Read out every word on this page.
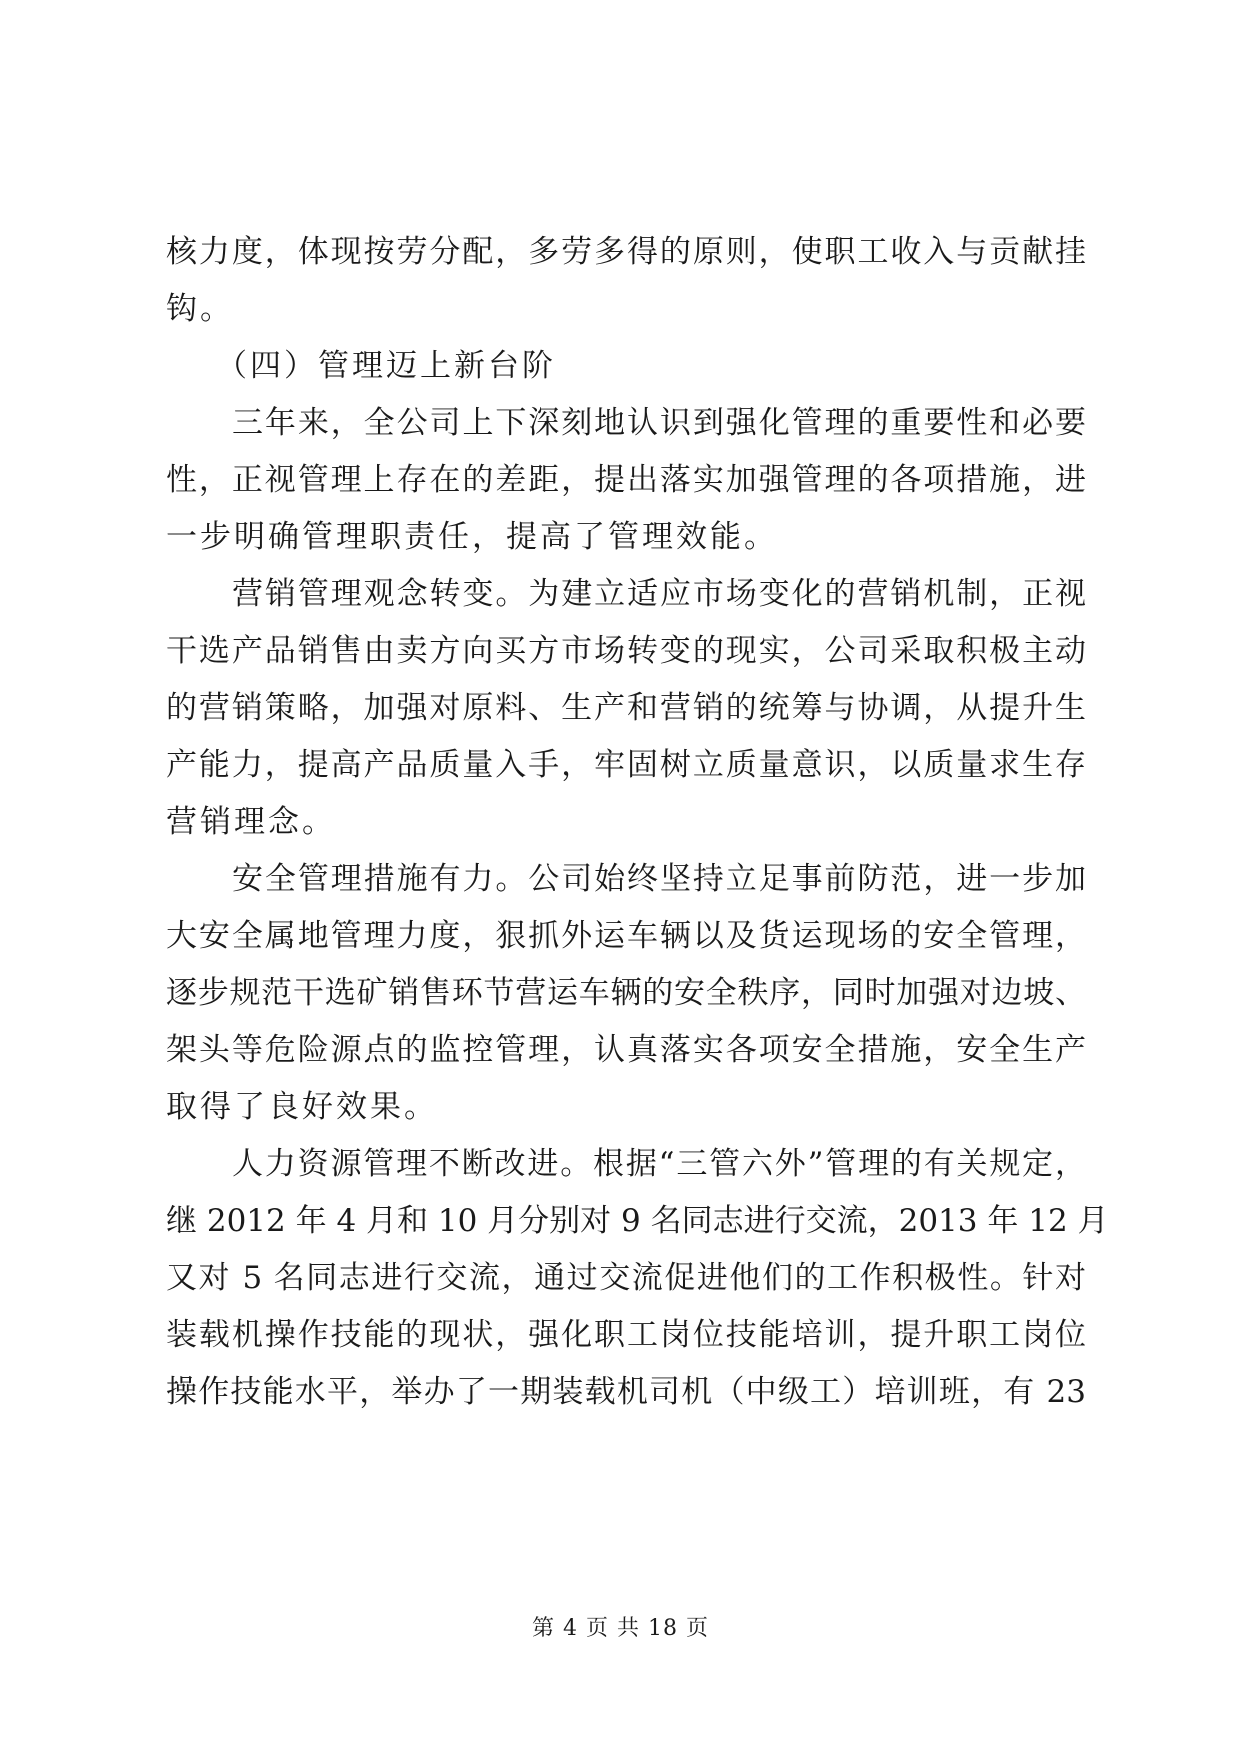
核力度，体现按劳分配，多劳多得的原则，使职工收入与贡献挂
钩。
（四）管理迈上新台阶
三年来，全公司上下深刻地认识到强化管理的重要性和必要
性，正视管理上存在的差距，提出落实加强管理的各项措施，进
一步明确管理职责任，提高了管理效能。
营销管理观念转变。为建立适应市场变化的营销机制，正视
干选产品销售由卖方向买方市场转变的现实，公司采取积极主动
的营销策略，加强对原料、生产和营销的统筹与协调，从提升生
产能力，提高产品质量入手，牢固树立质量意识，以质量求生存
营销理念。
安全管理措施有力。公司始终坚持立足事前防范，进一步加
大安全属地管理力度，狠抓外运车辆以及货运现场的安全管理，
逐步规范干选矿销售环节营运车辆的安全秩序，同时加强对边坡、
架头等危险源点的监控管理，认真落实各项安全措施，安全生产
取得了良好效果。
人力资源管理不断改进。根据“三管六外”管理的有关规定，
继 2012 年 4 月和 10 月分别对 9 名同志进行交流，2013 年 12 月
又对 5 名同志进行交流，通过交流促进他们的工作积极性。针对
装载机操作技能的现状，强化职工岗位技能培训，提升职工岗位
操作技能水平，举办了一期装载机司机（中级工）培训班，有 23
第 4 页 共 18 页
